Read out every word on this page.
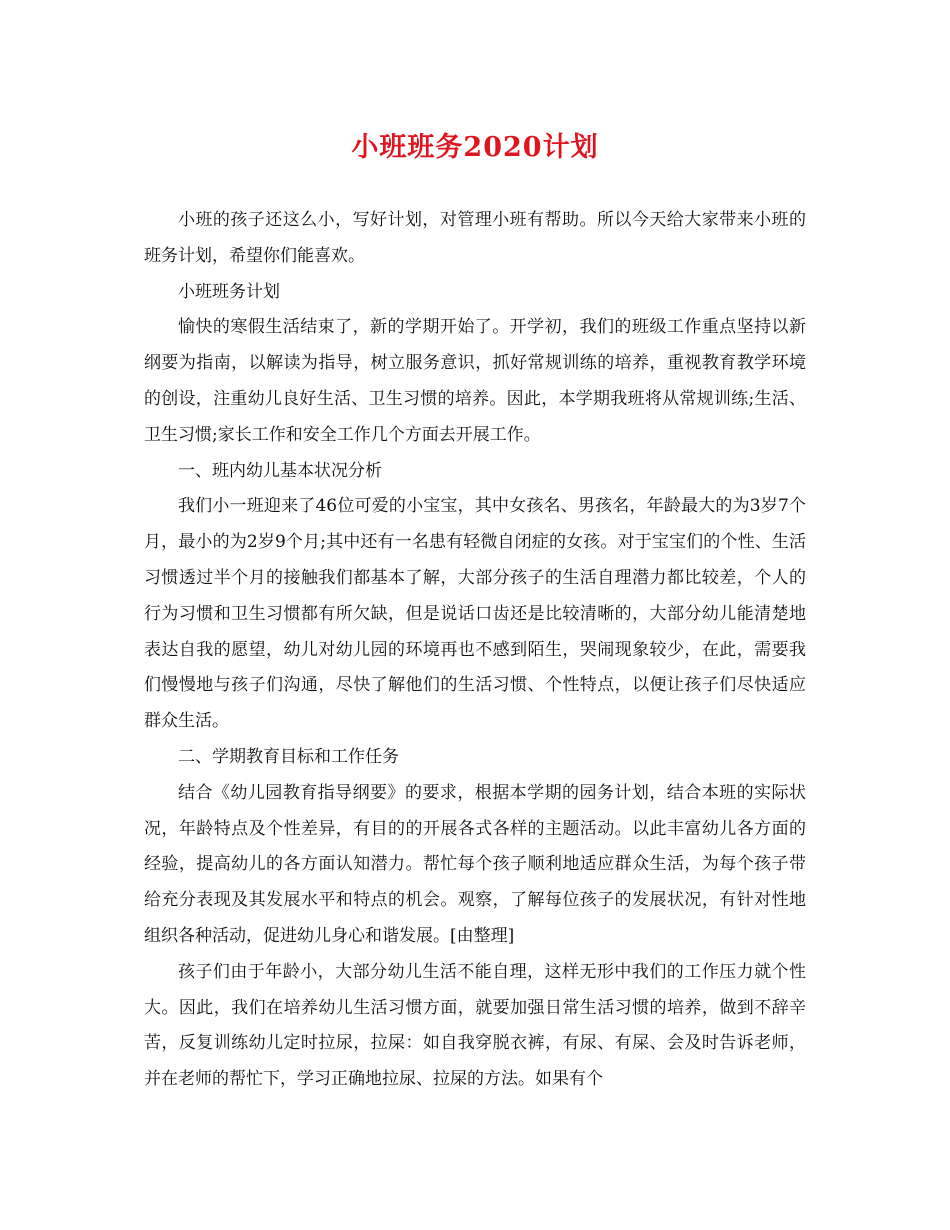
小班班务2020计划

小班的孩子还这么小，写好计划，对管理小班有帮助。所以今天给大家带来小班的班务计划，希望你们能喜欢。

小班班务计划

愉快的寒假生活结束了，新的学期开始了。开学初，我们的班级工作重点坚持以新纲要为指南，以解读为指导，树立服务意识，抓好常规训练的培养，重视教育教学环境的创设，注重幼儿良好生活、卫生习惯的培养。因此，本学期我班将从常规训练;生活、卫生习惯;家长工作和安全工作几个方面去开展工作。

一、班内幼儿基本状况分析

我们小一班迎来了46位可爱的小宝宝，其中女孩名、男孩名，年龄最大的为3岁7个月，最小的为2岁9个月;其中还有一名患有轻微自闭症的女孩。对于宝宝们的个性、生活习惯透过半个月的接触我们都基本了解，大部分孩子的生活自理潜力都比较差，个人的行为习惯和卫生习惯都有所欠缺，但是说话口齿还是比较清晰的，大部分幼儿能清楚地表达自我的愿望，幼儿对幼儿园的环境再也不感到陌生，哭闹现象较少，在此，需要我们慢慢地与孩子们沟通，尽快了解他们的生活习惯、个性特点，以便让孩子们尽快适应群众生活。

二、学期教育目标和工作任务

结合《幼儿园教育指导纲要》的要求，根据本学期的园务计划，结合本班的实际状况，年龄特点及个性差异，有目的的开展各式各样的主题活动。以此丰富幼儿各方面的经验，提高幼儿的各方面认知潜力。帮忙每个孩子顺利地适应群众生活，为每个孩子带给充分表现及其发展水平和特点的机会。观察，了解每位孩子的发展状况，有针对性地组织各种活动，促进幼儿身心和谐发展。[由整理]

孩子们由于年龄小，大部分幼儿生活不能自理，这样无形中我们的工作压力就个性大。因此，我们在培养幼儿生活习惯方面，就要加强日常生活习惯的培养，做到不辞辛苦，反复训练幼儿定时拉尿，拉屎：如自我穿脱衣裤，有尿、有屎、会及时告诉老师，并在老师的帮忙下，学习正确地拉尿、拉屎的方法。如果有个
